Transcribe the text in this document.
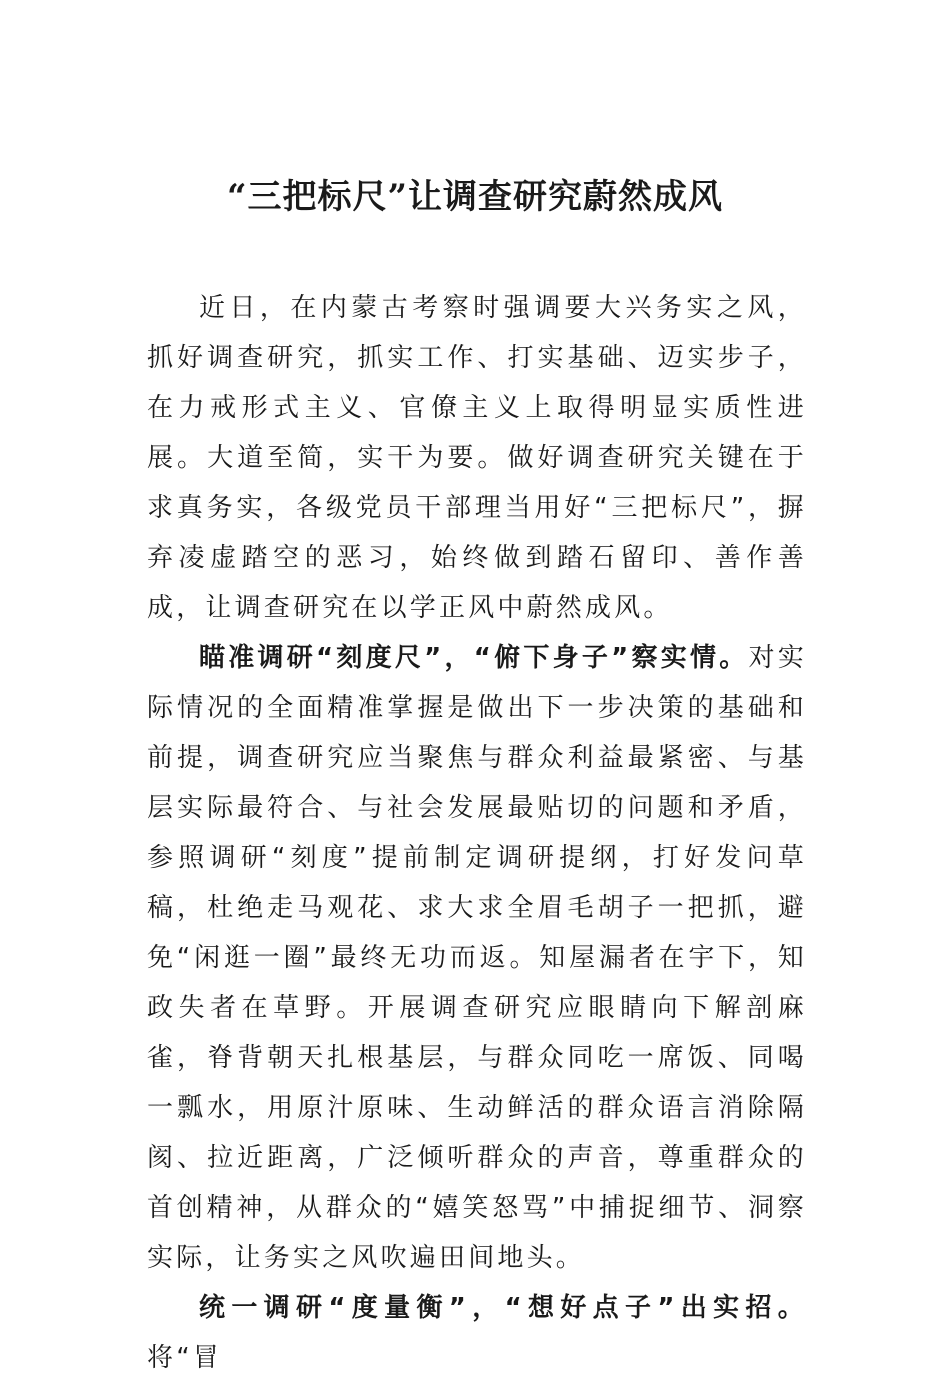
“三把标尺”让调查研究蔚然成风

近日，在内蒙古考察时强调要大兴务实之风，抓好调查研究，抓实工作、打实基础、迈实步子，在力戒形式主义、官僚主义上取得明显实质性进展。大道至简，实干为要。做好调查研究关键在于求真务实，各级党员干部理当用好“三把标尺”，摒弃凌虚踏空的恶习，始终做到踏石留印、善作善成，让调查研究在以学正风中蔚然成风。

瞄准调研“刻度尺”，“俯下身子”察实情。对实际情况的全面精准掌握是做出下一步决策的基础和前提，调查研究应当聚焦与群众利益最紧密、与基层实际最符合、与社会发展最贴切的问题和矛盾，参照调研“刻度”提前制定调研提纲，打好发问草稿，杜绝走马观花、求大求全眉毛胡子一把抓，避免“闲逛一圈”最终无功而返。知屋漏者在宇下，知政失者在草野。开展调查研究应眼睛向下解剖麻雀，脊背朝天扎根基层，与群众同吃一席饭、同喝一瓢水，用原汁原味、生动鲜活的群众语言消除隔阂、拉近距离，广泛倾听群众的声音，尊重群众的首创精神，从群众的“嬉笑怒骂”中捕捉细节、洞察实际，让务实之风吹遍田间地头。

统一调研“度量衡”，“想好点子”出实招。将“冒
